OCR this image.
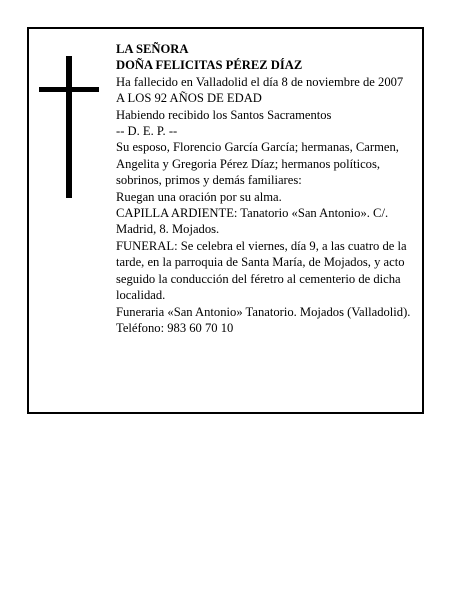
LA SEÑORA

DOÑA FELICITAS PÉREZ DÍAZ

Ha fallecido en Valladolid el día 8 de noviembre de 2007

A LOS 92 AÑOS DE EDAD

Habiendo recibido los Santos Sacramentos

-- D. E. P. --

Su esposo, Florencio García García; hermanas, Carmen, Angelita y Gregoria Pérez Díaz; hermanos políticos, sobrinos, primos y demás familiares:

Ruegan una oración por su alma.

CAPILLA ARDIENTE: Tanatorio «San Antonio». C/. Madrid, 8. Mojados.

FUNERAL: Se celebra el viernes, día 9, a las cuatro de la tarde, en la parroquia de Santa María, de Mojados, y acto seguido la conducción del féretro al cementerio de dicha localidad.

Funeraria «San Antonio» Tanatorio. Mojados (Valladolid). Teléfono: 983 60 70 10
